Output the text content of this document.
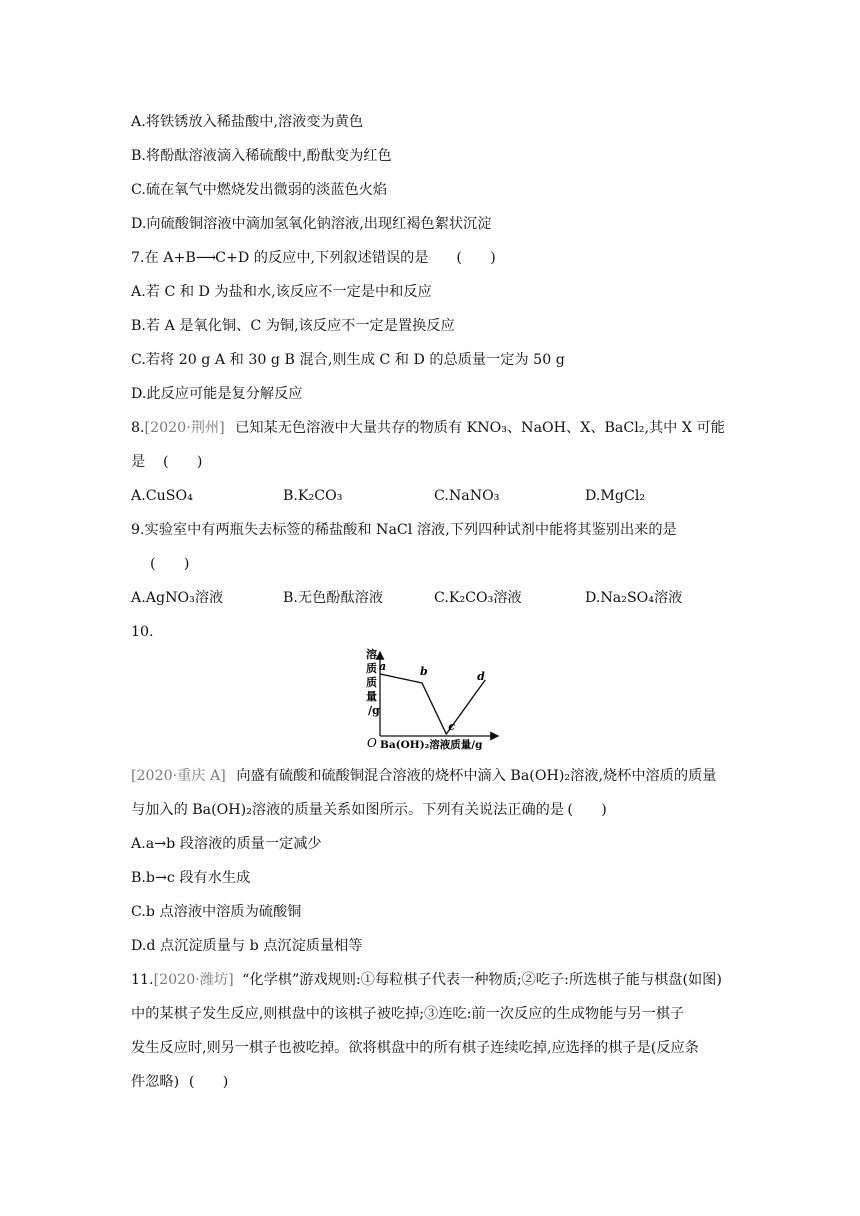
A.将铁锈放入稀盐酸中,溶液变为黄色
B.将酚酞溶液滴入稀硫酸中,酚酞变为红色
C.硫在氧气中燃烧发出微弱的淡蓝色火焰
D.向硫酸铜溶液中滴加氢氧化钠溶液,出现红褐色絮状沉淀
7.在 A+B⟶C+D 的反应中,下列叙述错误的是 (　　)
A.若 C 和 D 为盐和水,该反应不一定是中和反应
B.若 A 是氧化铜、C 为铜,该反应不一定是置换反应
C.若将 20 g A 和 30 g B 混合,则生成 C 和 D 的总质量一定为 50 g
D.此反应可能是复分解反应
8.[2020·荆州] 已知某无色溶液中大量共存的物质有 KNO₃、NaOH、X、BaCl₂,其中 X 可能
是 (　　)
A.CuSO₄	B.K₂CO₃	C.NaNO₃	D.MgCl₂
9.实验室中有两瓶失去标签的稀盐酸和 NaCl 溶液,下列四种试剂中能将其鉴别出来的是
(　　)
A.AgNO₃溶液	B.无色酚酞溶液	C.K₂CO₃溶液	D.Na₂SO₄溶液
10.
溶
质
质
量
/g
O Ba(OH)₂溶液质量/g
a	b
c
d
[2020·重庆 A] 向盛有硫酸和硫酸铜混合溶液的烧杯中滴入 Ba(OH)₂溶液,烧杯中溶质的质量
与加入的 Ba(OH)₂溶液的质量关系如图所示。下列有关说法正确的是 (　　)
A.a→b 段溶液的质量一定减少
B.b→c 段有水生成
C.b 点溶液中溶质为硫酸铜
D.d 点沉淀质量与 b 点沉淀质量相等
11.[2020·潍坊] “化学棋”游戏规则:①每粒棋子代表一种物质;②吃子:所选棋子能与棋盘(如图)
中的某棋子发生反应,则棋盘中的该棋子被吃掉;③连吃:前一次反应的生成物能与另一棋子
发生反应时,则另一棋子也被吃掉。欲将棋盘中的所有棋子连续吃掉,应选择的棋子是(反应条
件忽略) (　　)
